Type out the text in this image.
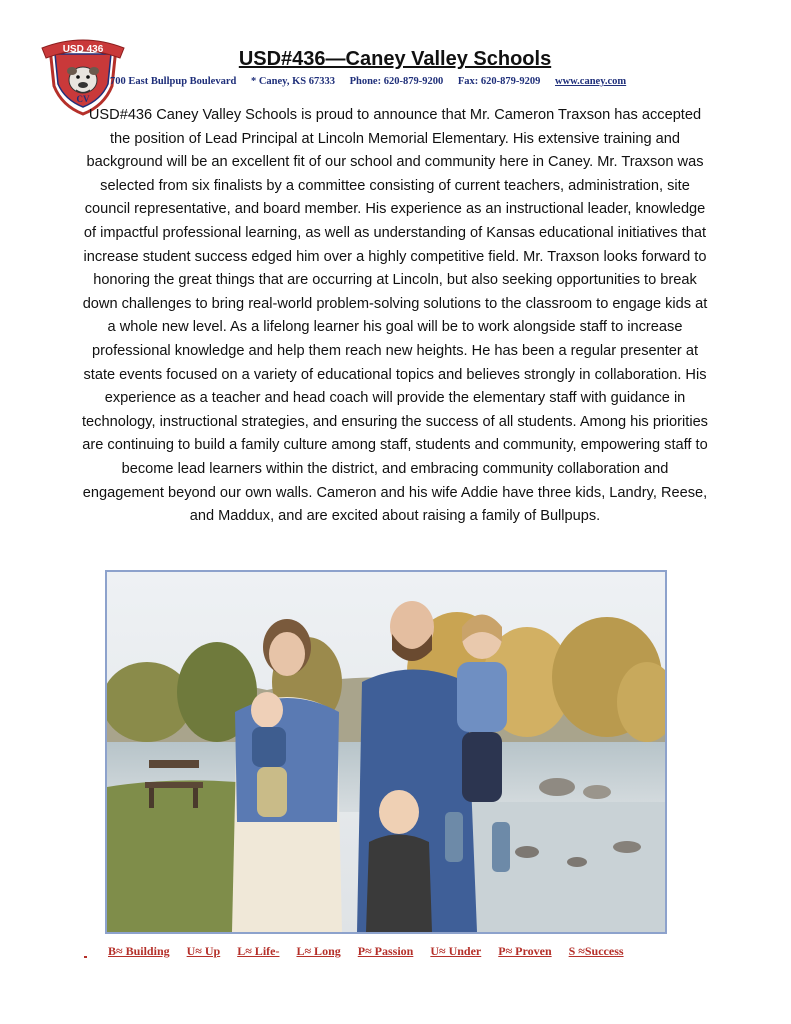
USD 436
CV
USD#436—Caney Valley Schools
700 East Bullpup Boulevard * Caney, KS 67333 Phone: 620-879-9200 Fax: 620-879-9209 www.caney.com

USD#436 Caney Valley Schools is proud to announce that Mr. Cameron Traxson has accepted the position of Lead Principal at Lincoln Memorial Elementary. His extensive training and background will be an excellent fit of our school and community here in Caney. Mr. Traxson was selected from six finalists by a committee consisting of current teachers, administration, site council representative, and board member. His experience as an instructional leader, knowledge of impactful professional learning, as well as understanding of Kansas educational initiatives that increase student success edged him over a highly competitive field. Mr. Traxson looks forward to honoring the great things that are occurring at Lincoln, but also seeking opportunities to break down challenges to bring real-world problem-solving solutions to the classroom to engage kids at a whole new level. As a lifelong learner his goal will be to work alongside staff to increase professional knowledge and help them reach new heights. He has been a regular presenter at state events focused on a variety of educational topics and believes strongly in collaboration. His experience as a teacher and head coach will provide the elementary staff with guidance in technology, instructional strategies, and ensuring the success of all students. Among his priorities are continuing to build a family culture among staff, students and community, empowering staff to become lead learners within the district, and embracing community collaboration and engagement beyond our own walls. Cameron and his wife Addie have three kids, Landry, Reese, and Maddux, and are excited about raising a family of Bullpups.

B≈ Building U≈ Up L≈ Life- L≈ Long P≈ Passion U≈ Under P≈ Proven S ≈Success
